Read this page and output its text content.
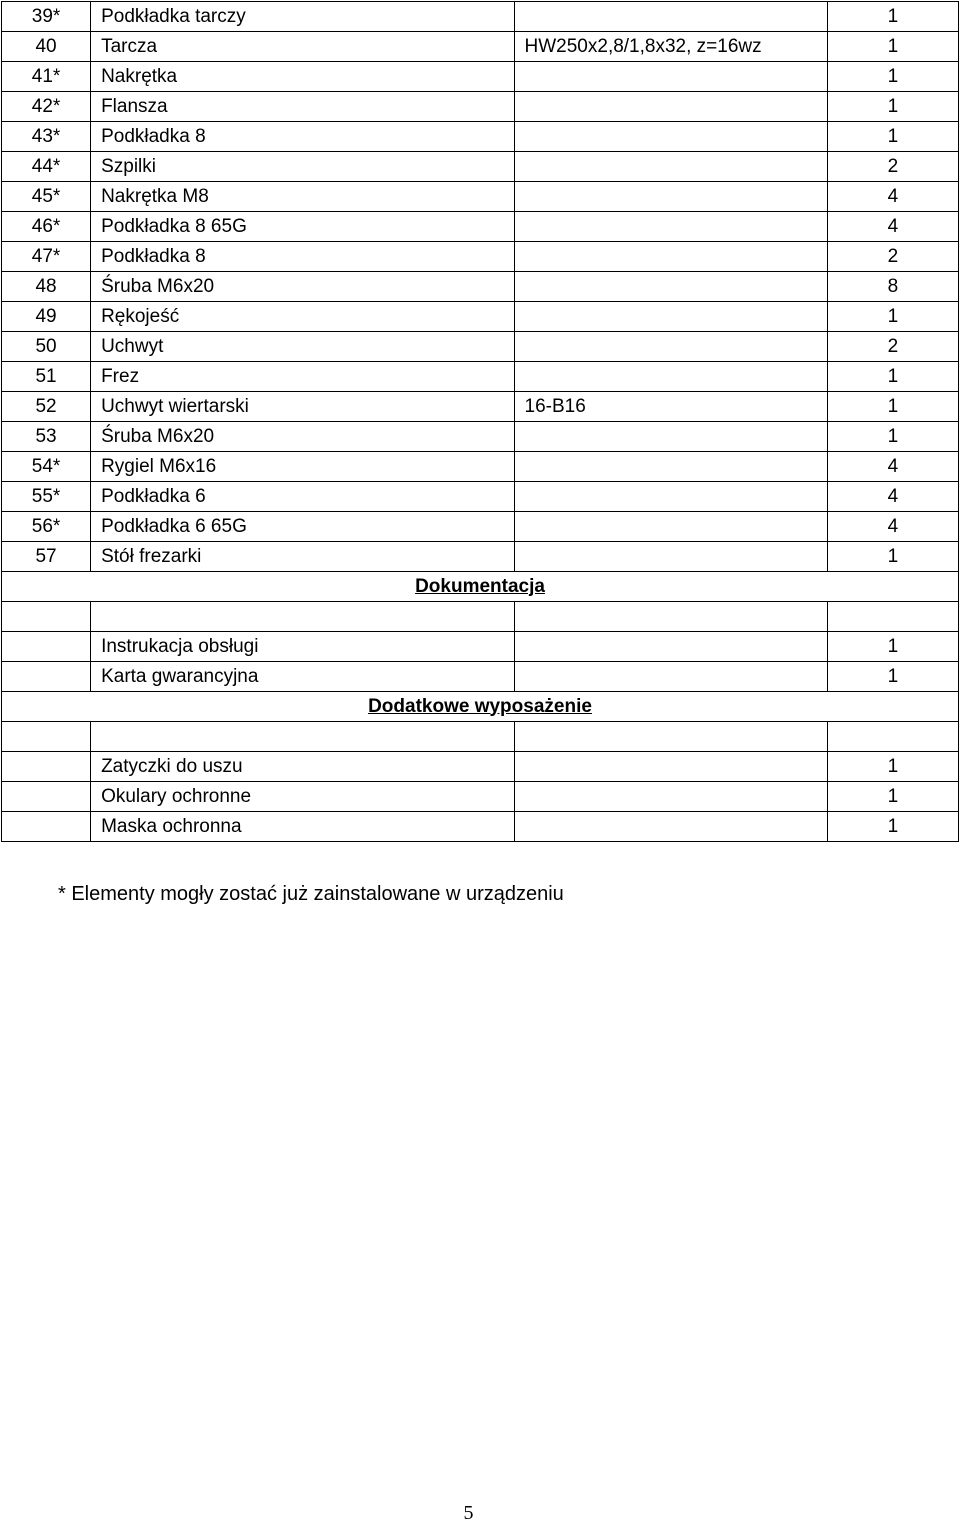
39*	Podkładka tarczy		1
40	Tarcza	HW250x2,8/1,8x32, z=16wz	1
41*	Nakrętka		1
42*	Flansza		1
43*	Podkładka 8		1
44*	Szpilki		2
45*	Nakrętka M8		4
46*	Podkładka 8 65G		4
47*	Podkładka 8		2
48	Śruba M6x20		8
49	Rękojeść		1
50	Uchwyt		2
51	Frez		1
52	Uchwyt wiertarski	16-B16	1
53	Śruba M6x20		1
54*	Rygiel M6x16		4
55*	Podkładka 6		4
56*	Podkładka 6 65G		4
57	Stół frezarki		1
Dokumentacja			

	Instrukacja obsługi		1
	Karta gwarancyjna		1
Dodatkowe wyposażenie			

	Zatyczki do uszu		1
	Okulary ochronne		1
	Maska ochronna		1
* Elementy mogły zostać już zainstalowane w urządzeniu
5
